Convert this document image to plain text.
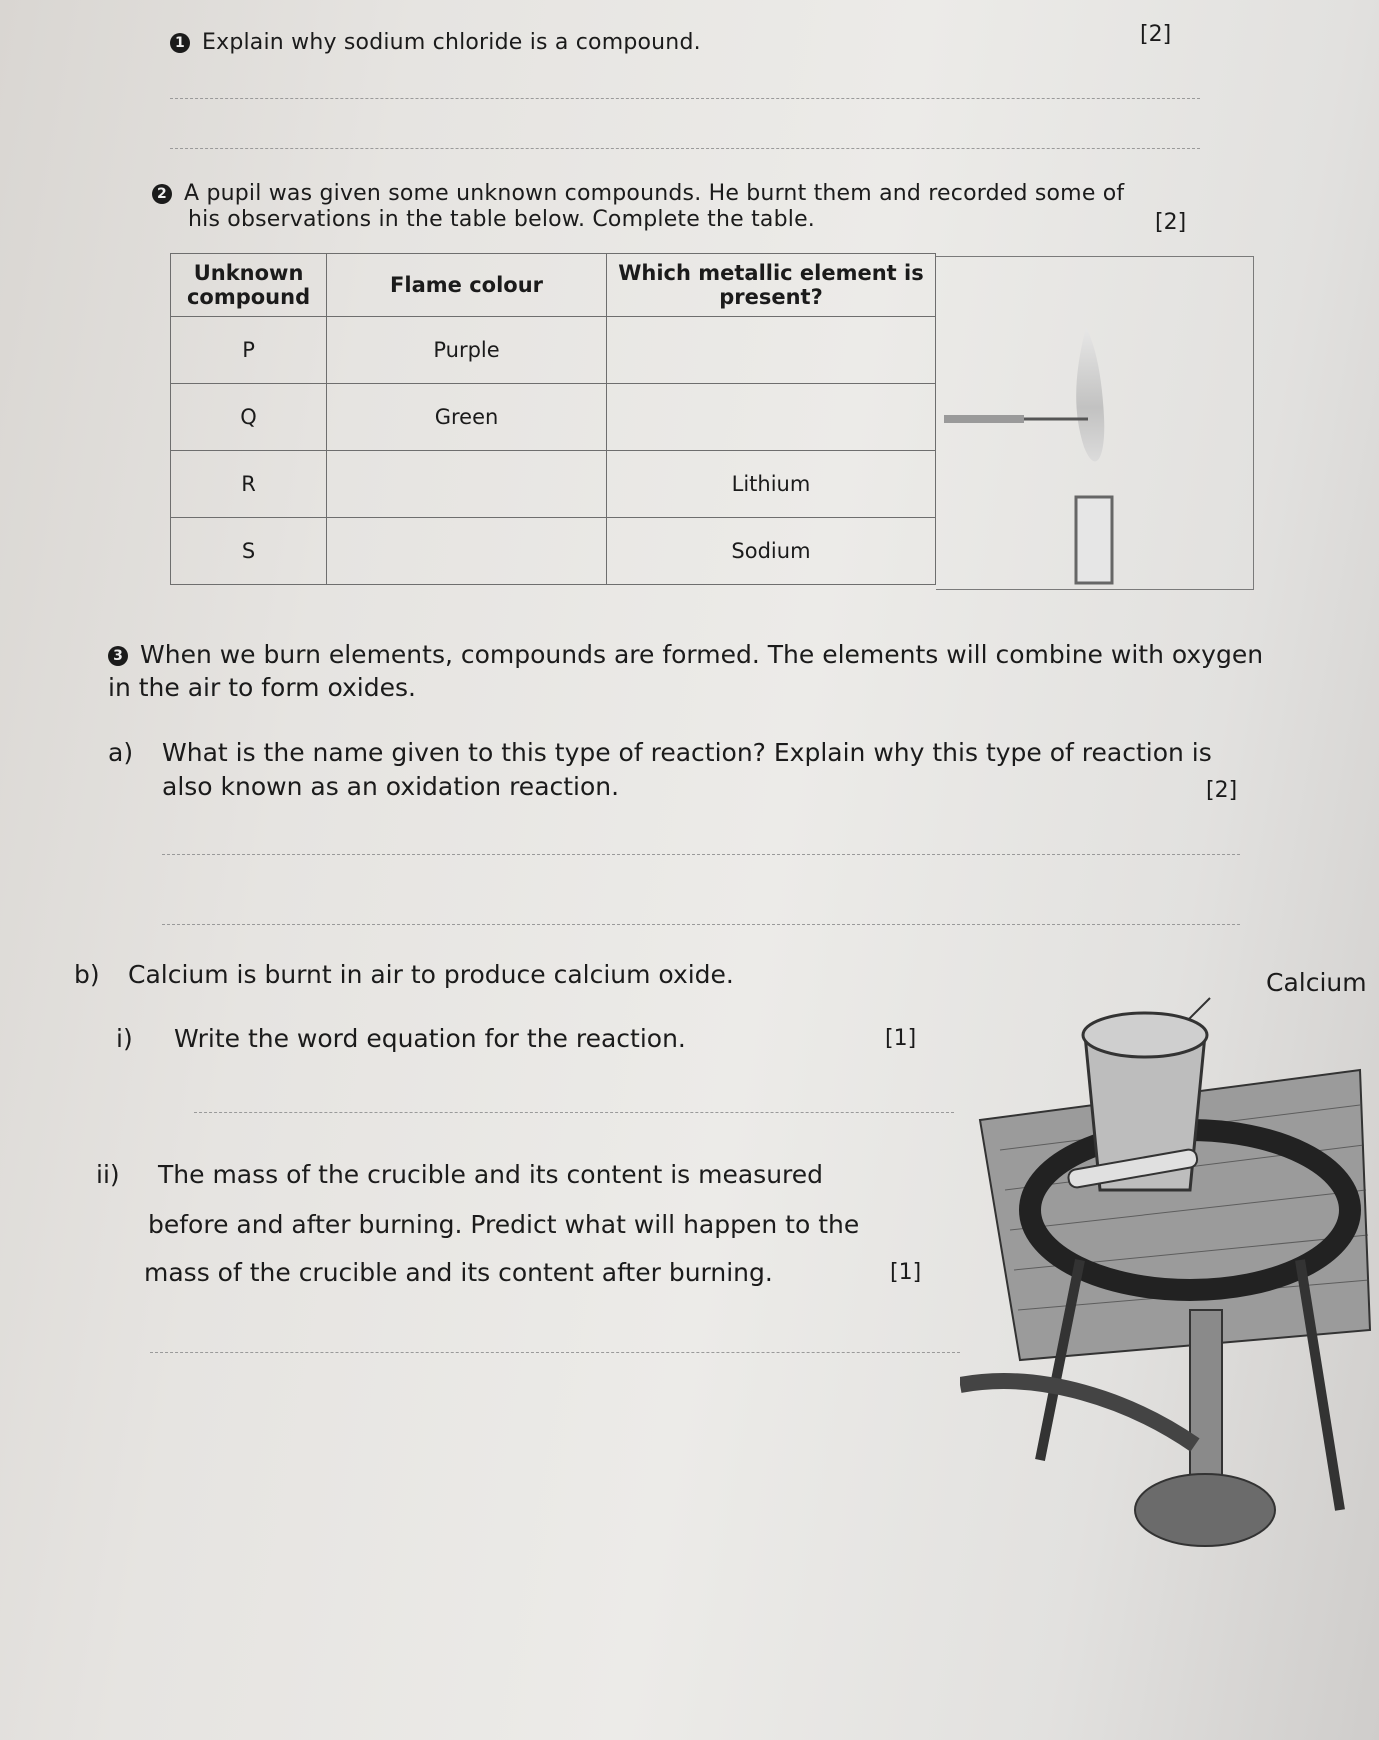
1 Explain why sodium chloride is a compound.	[2]
2 A pupil was given some unknown compounds. He burnt them and recorded some of
his observations in the table below. Complete the table.	[2]
Unknown compound	Flame colour	Which metallic element is present?
P	Purple	
Q	Green	
R		Lithium
S		Sodium
3 When we burn elements, compounds are formed. The elements will combine with oxygen
in the air to form oxides.
a) What is the name given to this type of reaction? Explain why this type of reaction is
also known as an oxidation reaction.	[2]
b) Calcium is burnt in air to produce calcium oxide.
i) Write the word equation for the reaction.	[1]
ii) The mass of the crucible and its content is measured
before and after burning. Predict what will happen to the
mass of the crucible and its content after burning.	[1]
Calcium
